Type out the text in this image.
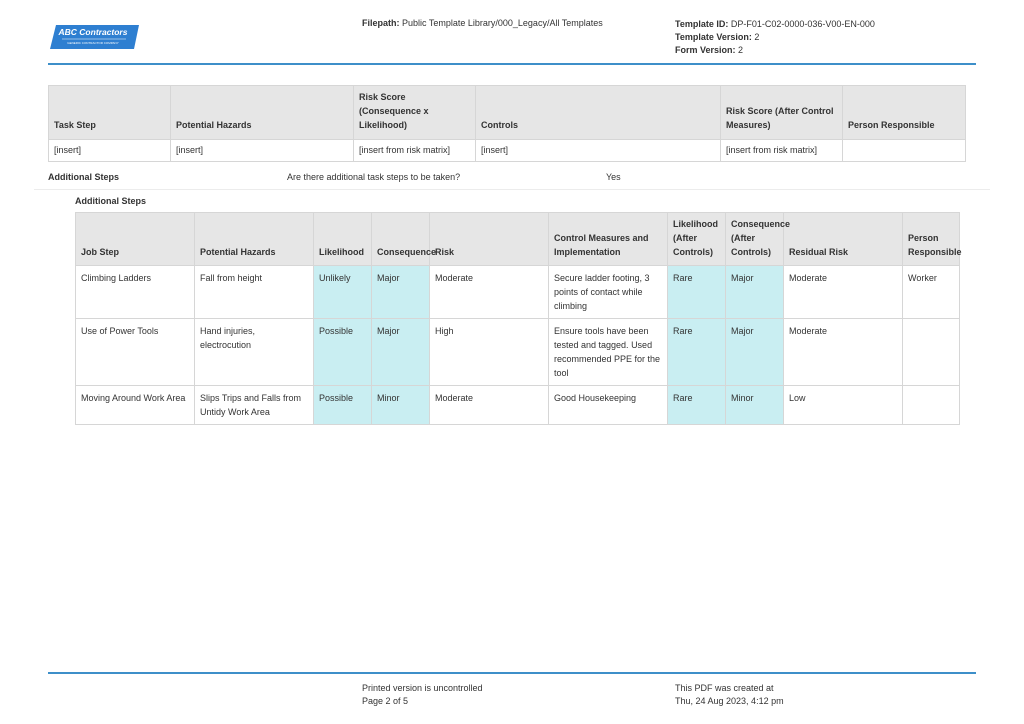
ABC Contractors
GENERIC CONTRACTOR COMPANY
Filepath: Public Template Library/000_Legacy/All Templates	Template ID: DP-F01-C02-0000-036-V00-EN-000
Template Version: 2
Form Version: 2
Task Step	Potential Hazards	Risk Score (Consequence x Likelihood)	Controls	Risk Score (After Control Measures)	Person Responsible
[insert]	[insert]	[insert from risk matrix]	[insert]	[insert from risk matrix]	
Additional Steps	Are there additional task steps to be taken?	Yes
Additional Steps
Job Step	Potential Hazards	Likelihood	Consequence	Risk	Control Measures and Implementation	Likelihood (After Controls)	Consequence (After Controls)	Residual Risk	Person Responsible
Climbing Ladders	Fall from height	Unlikely	Major	Moderate	Secure ladder footing, 3 points of contact while climbing	Rare	Major	Moderate	Worker
Use of Power Tools	Hand injuries, electrocution	Possible	Major	High	Ensure tools have been tested and tagged. Used recommended PPE for the tool	Rare	Major	Moderate	
Moving Around Work Area	Slips Trips and Falls from Untidy Work Area	Possible	Minor	Moderate	Good Housekeeping	Rare	Minor	Low	
Printed version is uncontrolled
Page 2 of 5
This PDF was created at
Thu, 24 Aug 2023, 4:12 pm
